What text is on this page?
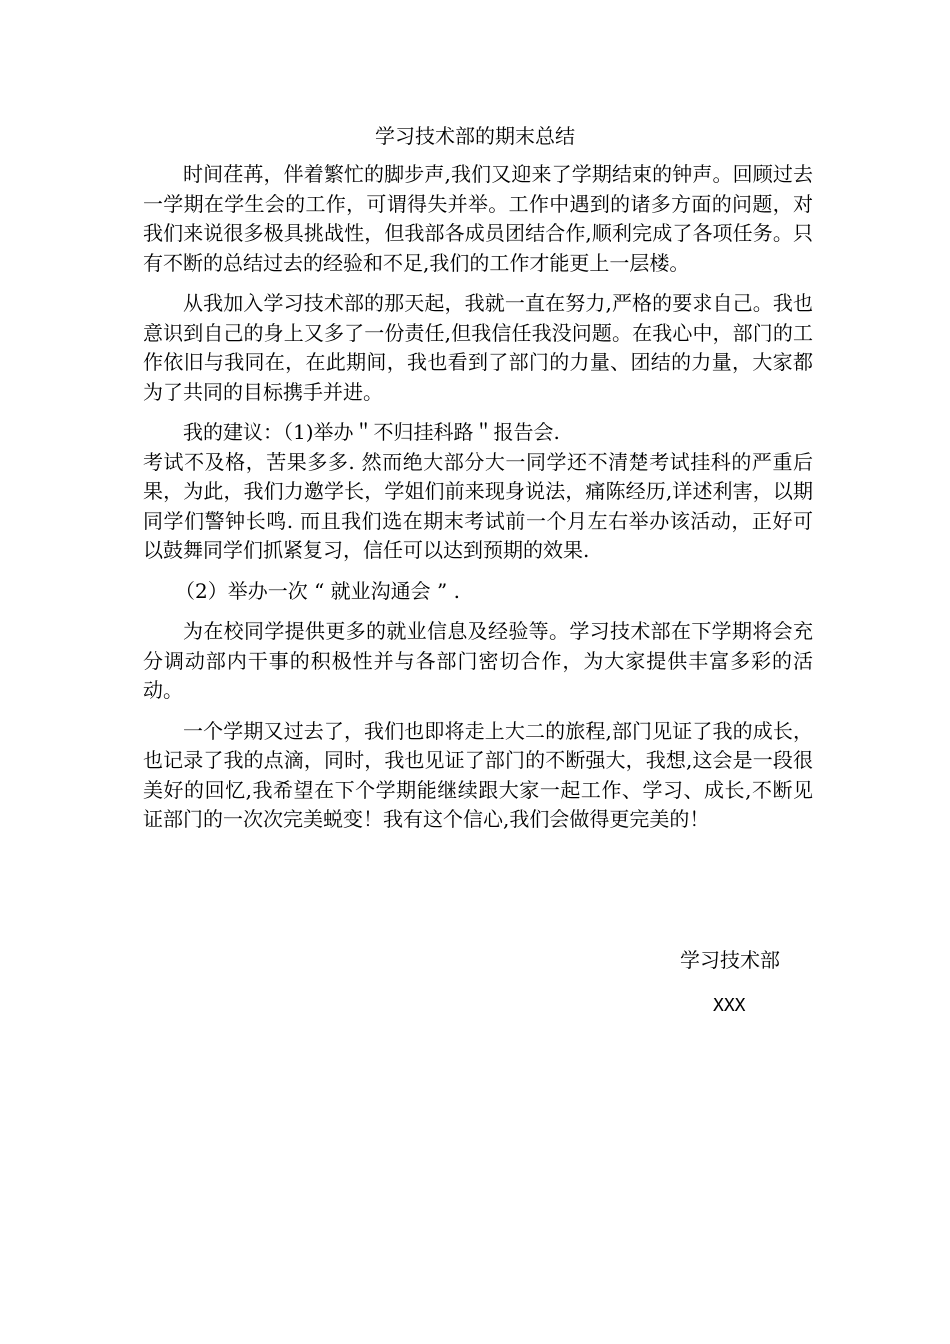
学习技术部的期末总结

时间荏苒，伴着繁忙的脚步声,我们又迎来了学期结束的钟声。回顾过去一学期在学生会的工作，可谓得失并举。工作中遇到的诸多方面的问题，对我们来说很多极具挑战性，但我部各成员团结合作,顺利完成了各项任务。只有不断的总结过去的经验和不足,我们的工作才能更上一层楼。

从我加入学习技术部的那天起，我就一直在努力,严格的要求自己。我也意识到自己的身上又多了一份责任,但我信任我没问题。在我心中，部门的工作依旧与我同在，在此期间，我也看到了部门的力量、团结的力量，大家都为了共同的目标携手并进。

我的建议：（1)举办＂不归挂科路＂报告会.

考试不及格，苦果多多. 然而绝大部分大一同学还不清楚考试挂科的严重后果，为此，我们力邀学长，学姐们前来现身说法，痛陈经历,详述利害，以期同学们警钟长鸣. 而且我们选在期末考试前一个月左右举办该活动，正好可以鼓舞同学们抓紧复习，信任可以达到预期的效果.

（2）举办一次 “ 就业沟通会 ” .

为在校同学提供更多的就业信息及经验等。学习技术部在下学期将会充分调动部内干事的积极性并与各部门密切合作，为大家提供丰富多彩的活动。

一个学期又过去了，我们也即将走上大二的旅程,部门见证了我的成长，也记录了我的点滴，同时，我也见证了部门的不断强大，我想,这会是一段很美好的回忆,我希望在下个学期能继续跟大家一起工作、学习、成长,不断见证部门的一次次完美蜕变！我有这个信心,我们会做得更完美的！

学习技术部

XXX
